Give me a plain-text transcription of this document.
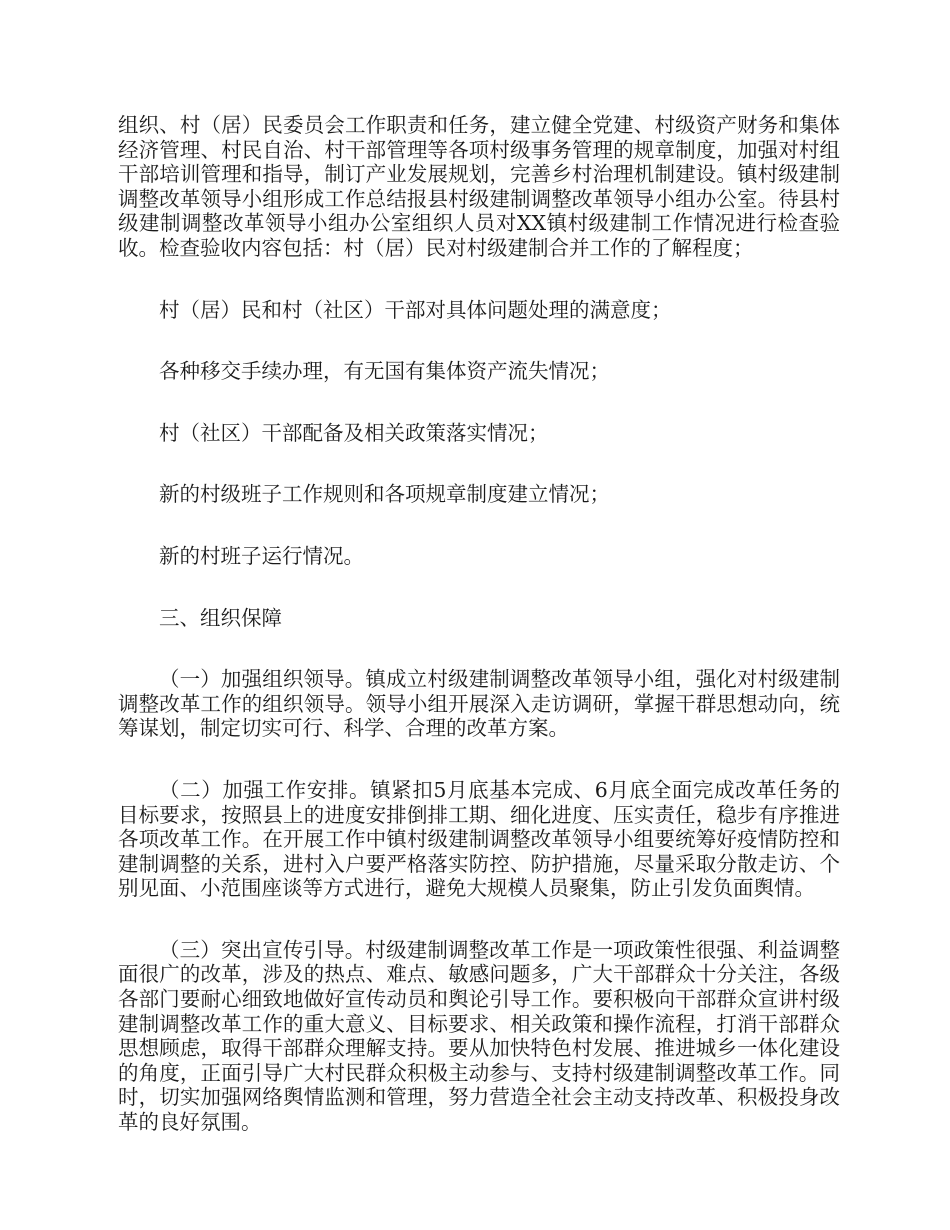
组织、村（居）民委员会工作职责和任务，建立健全党建、村级资产财务和集体经济管理、村民自治、村干部管理等各项村级事务管理的规章制度，加强对村组干部培训管理和指导，制订产业发展规划，完善乡村治理机制建设。镇村级建制调整改革领导小组形成工作总结报县村级建制调整改革领导小组办公室。待县村级建制调整改革领导小组办公室组织人员对XX镇村级建制工作情况进行检查验收。检查验收内容包括：村（居）民对村级建制合并工作的了解程度；

村（居）民和村（社区）干部对具体问题处理的满意度；

各种移交手续办理，有无国有集体资产流失情况；

村（社区）干部配备及相关政策落实情况；

新的村级班子工作规则和各项规章制度建立情况；

新的村班子运行情况。

三、组织保障

（一）加强组织领导。镇成立村级建制调整改革领导小组，强化对村级建制调整改革工作的组织领导。领导小组开展深入走访调研，掌握干群思想动向，统筹谋划，制定切实可行、科学、合理的改革方案。

（二）加强工作安排。镇紧扣5月底基本完成、6月底全面完成改革任务的目标要求，按照县上的进度安排倒排工期、细化进度、压实责任，稳步有序推进各项改革工作。在开展工作中镇村级建制调整改革领导小组要统筹好疫情防控和建制调整的关系，进村入户要严格落实防控、防护措施，尽量采取分散走访、个别见面、小范围座谈等方式进行，避免大规模人员聚集，防止引发负面舆情。

（三）突出宣传引导。村级建制调整改革工作是一项政策性很强、利益调整面很广的改革，涉及的热点、难点、敏感问题多，广大干部群众十分关注，各级各部门要耐心细致地做好宣传动员和舆论引导工作。要积极向干部群众宣讲村级建制调整改革工作的重大意义、目标要求、相关政策和操作流程，打消干部群众思想顾虑，取得干部群众理解支持。要从加快特色村发展、推进城乡一体化建设的角度，正面引导广大村民群众积极主动参与、支持村级建制调整改革工作。同时，切实加强网络舆情监测和管理，努力营造全社会主动支持改革、积极投身改革的良好氛围。
